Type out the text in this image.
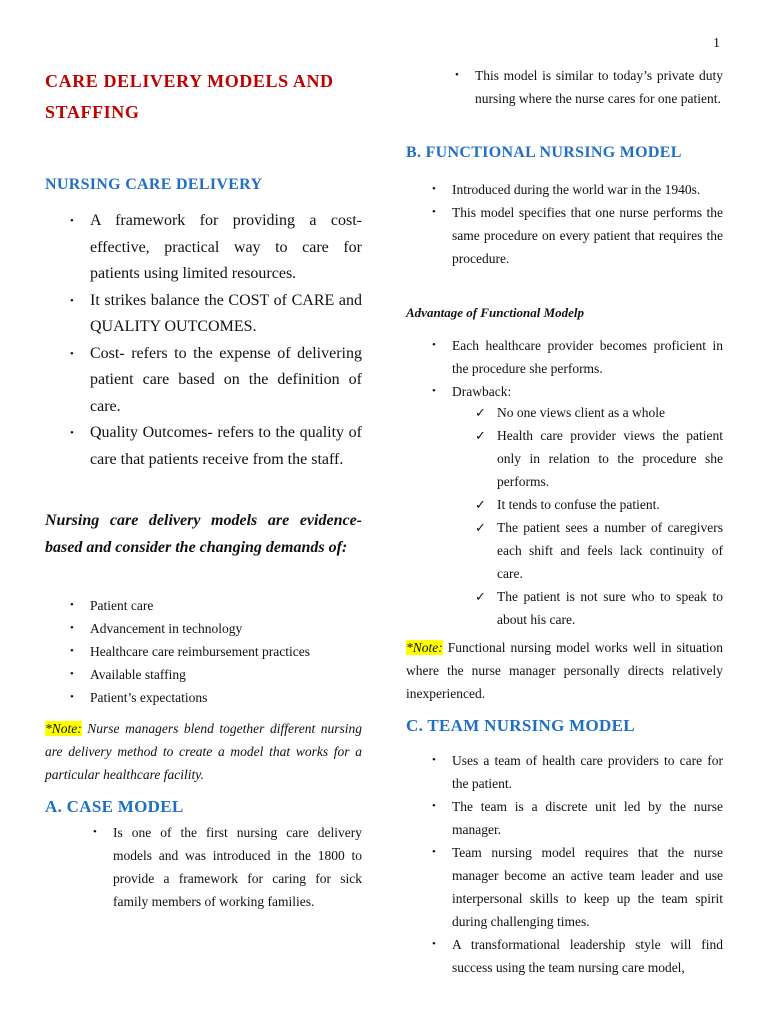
1
CARE DELIVERY MODELS AND STAFFING
NURSING CARE DELIVERY
• A framework for providing a cost-effective, practical way to care for patients using limited resources.
• It strikes balance the COST of CARE and QUALITY OUTCOMES.
• Cost- refers to the expense of delivering patient care based on the definition of care.
• Quality Outcomes- refers to the quality of care that patients receive from the staff.
Nursing care delivery models are evidence-based and consider the changing demands of:
• Patient care
• Advancement in technology
• Healthcare care reimbursement practices
• Available staffing
• Patient’s expectations
*Note: Nurse managers blend together different nursing are delivery method to create a model that works for a particular healthcare facility.
A. CASE MODEL
• Is one of the first nursing care delivery models and was introduced in the 1800 to provide a framework for caring for sick family members of working families.
• This model is similar to today’s private duty nursing where the nurse cares for one patient.
B. FUNCTIONAL NURSING MODEL
• Introduced during the world war in the 1940s.
• This model specifies that one nurse performs the same procedure on every patient that requires the procedure.
Advantage of Functional Modelp
• Each healthcare provider becomes proficient in the procedure she performs.
• Drawback:
✓ No one views client as a whole
✓ Health care provider views the patient only in relation to the procedure she performs.
✓ It tends to confuse the patient.
✓ The patient sees a number of caregivers each shift and feels lack continuity of care.
✓ The patient is not sure who to speak to about his care.
*Note: Functional nursing model works well in situation where the nurse manager personally directs relatively inexperienced.
C. TEAM NURSING MODEL
• Uses a team of health care providers to care for the patient.
• The team is a discrete unit led by the nurse manager.
• Team nursing model requires that the nurse manager become an active team leader and use interpersonal skills to keep up the team spirit during challenging times.
• A transformational leadership style will find success using the team nursing care model,
